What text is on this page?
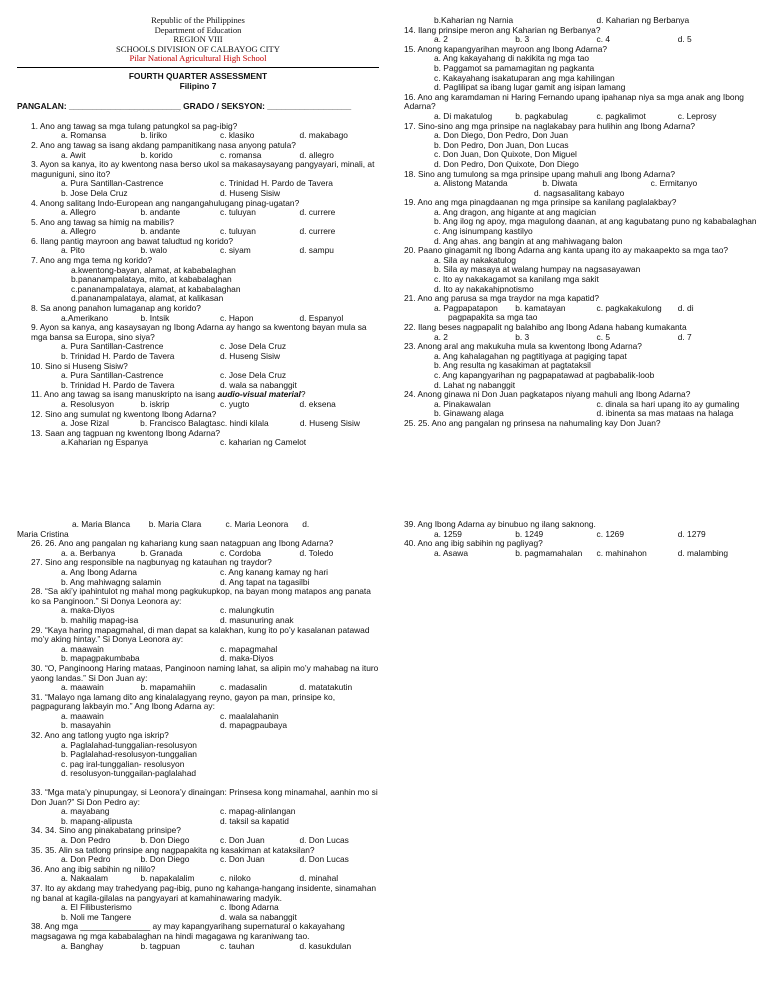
Republic of the Philippines
Department of Education
REGION VIII
SCHOOLS DIVISION OF CALBAYOG CITY
Pilar National Agricultural High School
FOURTH QUARTER ASSESSMENT
Filipino 7
PANGALAN: ________________________ GRADO / SEKSYON: __________________
1. Ano ang tawag sa mga tulang patungkol sa pag-ibig?
a. Romansa	b. liriko	c. klasiko	d. makabago
2. Ano ang tawag sa isang akdang pampanitikang nasa anyong patula?
a. Awit	b. korido	c. romansa	d. allegro
3. Ayon sa kanya, ito ay kwentong nasa berso ukol sa makasaysayang pangyayari, minali, at maguniguni, sino ito?
a. Pura Santillan-Castrence	c. Trinidad H. Pardo de Tavera
b. Jose Dela Cruz	d. Huseng Sisiw
4. Anong salitang Indo-European ang nangangahulugang pinag-ugatan?
a. Allegro	b. andante	c. tuluyan	d. currere
5. Ano ang tawag sa himig na mabilis?
a. Allegro	b. andante	c. tuluyan	d. currere
6. Ilang pantig mayroon ang bawat taludtud ng korido?
a. Pito	b. walo	c. siyam	d. sampu
7. Ano ang mga tema ng korido?
a.kwentong-bayan, alamat, at kababalaghan
b.pananampalataya, mito, at kababalaghan
c.pananampalataya, alamat, at kababalaghan
d.pananampalataya, alamat, at kalikasan
8. Sa anong panahon lumaganap ang korido?
a.Amerikano	b. Intsik	c. Hapon	d. Espanyol
9. Ayon sa kanya, ang kasaysayan ng Ibong Adarna ay hango sa kwentong bayan mula sa mga bansa sa Europa, sino siya?
a. Pura Santillan-Castrence	c. Jose Dela Cruz
b. Trinidad H. Pardo de Tavera	d. Huseng Sisiw
10. Sino si Huseng Sisiw?
a. Pura Santillan-Castrence	c. Jose Dela Cruz
b. Trinidad H. Pardo de Tavera	d. wala sa nabanggit
11. Ano ang tawag sa isang manuskripto na isang audio-visual material?
a. Resolusyon	b. iskrip	c. yugto	d. eksena
12. Sino ang sumulat ng kwentong Ibong Adarna?
a. Jose Rizal	b. Francisco Balagtas c. hindi kilala	d. Huseng Sisiw
13. Saan ang tagpuan ng kwentong Ibong Adarna?
a.Kaharian ng Espanya	c. kaharian ng Camelot
b.Kaharian ng Narnia	d. Kaharian ng Berbanya
14. Ilang prinsipe meron ang Kaharian ng Berbanya?
a. 2	b. 3	c. 4	d. 5
15. Anong kapangyarihan mayroon ang Ibong Adarna?
a. Ang kakayahang di nakikita ng mga tao
b. Paggamot sa pamamagitan ng pagkanta
c. Kakayahang isakatuparan ang mga kahilingan
d. Paglilipat sa ibang lugar gamit ang isipan lamang
16. Ano ang karamdaman ni Haring Fernando upang ipahanap niya sa mga anak ang Ibong Adarna?
a. Di makatulog	b. pagkabulag	c. pagkalimot	c. Leprosy
17. Sino-sino ang mga prinsipe na naglakabay para hulihin ang Ibong Adarna?
a. Don Diego, Don Pedro, Don Juan
b. Don Pedro, Don Juan, Don Lucas
c. Don Juan, Don Quixote, Don Miguel
d. Don Pedro, Don Quixote, Don Diego
18. Sino ang tumulong sa mga prinsipe upang mahuli ang Ibong Adarna?
a. Alistong Matanda	b. Diwata	c. Ermitanyo
d. nagsasalitang kabayo
19. Ano ang mga pinagdaanan ng mga prinsipe sa kanilang paglalakbay?
a. Ang dragon, ang higante at ang magician
b. Ang ilog ng apoy, mga magulong daanan, at ang kagubatang puno ng kababalaghan
c. Ang isinumpang kastilyo
d. Ang ahas. ang bangin at ang mahiwagang balon
20. Paano ginagamit ng Ibong Adarna ang kanta upang ito ay makaapekto sa mga tao?
a. Sila ay nakakatulog
b. Sila ay masaya at walang humpay na nagsasayawan
c. Ito ay nakakagamot sa kanilang mga sakit
d. Ito ay nakakahipnotismo
21. Ano ang parusa sa mga traydor na mga kapatid?
a. Pagpapatapon	b. kamatayan	c. pagkakakulong	d. di
pagpapakita sa mga tao
22. Ilang beses nagpapalit ng balahibo ang Ibong Adana habang kumakanta
a. 2	b. 3	c. 5	d. 7
23. Anong aral ang makukuha mula sa kwentong Ibong Adarna?
a. Ang kahalagahan ng pagtitiyaga at pagiging tapat
b. Ang resulta ng kasakiman at pagtataksil
c. Ang kapangyarihan ng pagpapatawad at pagbabalik-loob
d. Lahat ng nabanggit
24. Anong ginawa ni Don Juan pagkatapos niyang mahuli ang Ibong Adarna?
a. Pinakawalan	c. dinala sa hari upang ito ay gumaling
b. Ginawang alaga	d. ibinenta sa mas mataas na halaga
25. 25. Ano ang pangalan ng prinsesa na nahumaling kay Don Juan?
a. Maria Blanca	b. Maria Clara	c. Maria Leonora	d.
Maria Cristina
26. 26. Ano ang pangalan ng kahariang kung saan natagpuan ang Ibong Adarna?
a. a. Berbanya	b. Granada	c. Cordoba	d. Toledo
27. Sino ang responsible na nagbunyag ng katauhan ng traydor?
a. Ang Ibong Adarna	c. Ang kanang kamay ng hari
b. Ang mahiwagng salamin	d. Ang tapat na tagasilbi
28. “Sa aki’y ipahintulot ng mahal mong pagkukupkop, na bayan mong matapos ang panata ko sa Panginoon.” Si Donya Leonora ay:
a. maka-Diyos	c. malungkutin
b. mahilig mapag-isa	d. masunuring anak
29. “Kaya haring mapagmahal, di man dapat sa kalakhan, kung ito po’y kasalanan patawad mo’y aking hintay.” Si Donya Leonora ay:
a. maawain	c. mapagmahal
b. mapagpakumbaba	d. maka-Diyos
30. “O, Panginoong Haring mataas, Panginoon naming lahat, sa alipin mo’y mahabag na ituro yaong landas.” Si Don Juan ay:
a. maawain	b. mapamahiin	c. madasalin	d. matatakutin
31. “Malayo nga lamang dito ang kinalalagyang reyno, gayon pa man, prinsipe ko, pagpagurang lakbayin mo.” Ang Ibong Adarna ay:
a. maawain	c. maalalahanin
b. masayahin	d. mapagpaubaya
32. Ano ang tatlong yugto nga iskrip?
a. Paglalahad-tunggalian-resolusyon
b. Paglalahad-resolusyon-tunggalian
c. pag iral-tunggalian- resolusyon
d. resolusyon-tunggailan-paglalahad
33. “Mga mata’y pinupungay, si Leonora’y dinaingan: Prinsesa kong minamahal, aanhin mo si Don Juan?” Si Don Pedro ay:
a. mayabang	c. mapag-alinlangan
b. mapang-alipusta	d. taksil sa kapatid
34. 34. Sino ang pinakabatang prinsipe?
a. Don Pedro	b. Don Diego	c. Don Juan	d. Don Lucas
35. 35. Alin sa tatlong prinsipe ang nagpapakita ng kasakiman at kataksilan?
a. Don Pedro	b. Don Diego	c. Don Juan	d. Don Lucas
36. Ano ang ibig sabihin ng nililo?
a. Nakaalam	b. napakalalim	c. niloko	d. minahal
37. Ito ay akdang may trahedyang pag-ibig, puno ng kahanga-hangang insidente, sinamahan ng banal at kagila-gilalas na pangyayari at kamahinawaring madyik.
a. El Filibusterismo	c. Ibong Adarna
b. Noli me Tangere	d. wala sa nabanggit
38. Ang mga _______________ ay may kapangyarihang supernatural o kakayahang magsagawa ng mga kababalaghan na hindi magagawa ng karaniwang tao.
a. Banghay	b. tagpuan	c. tauhan	d. kasukdulan
39. Ang Ibong Adarna ay binubuo ng ilang saknong.
a. 1259	b. 1249	c. 1269	d. 1279
40. Ano ang ibig sabihin ng pagliyag?
a. Asawa	b. pagmamahalan	c. mahinahon	d. malambing
